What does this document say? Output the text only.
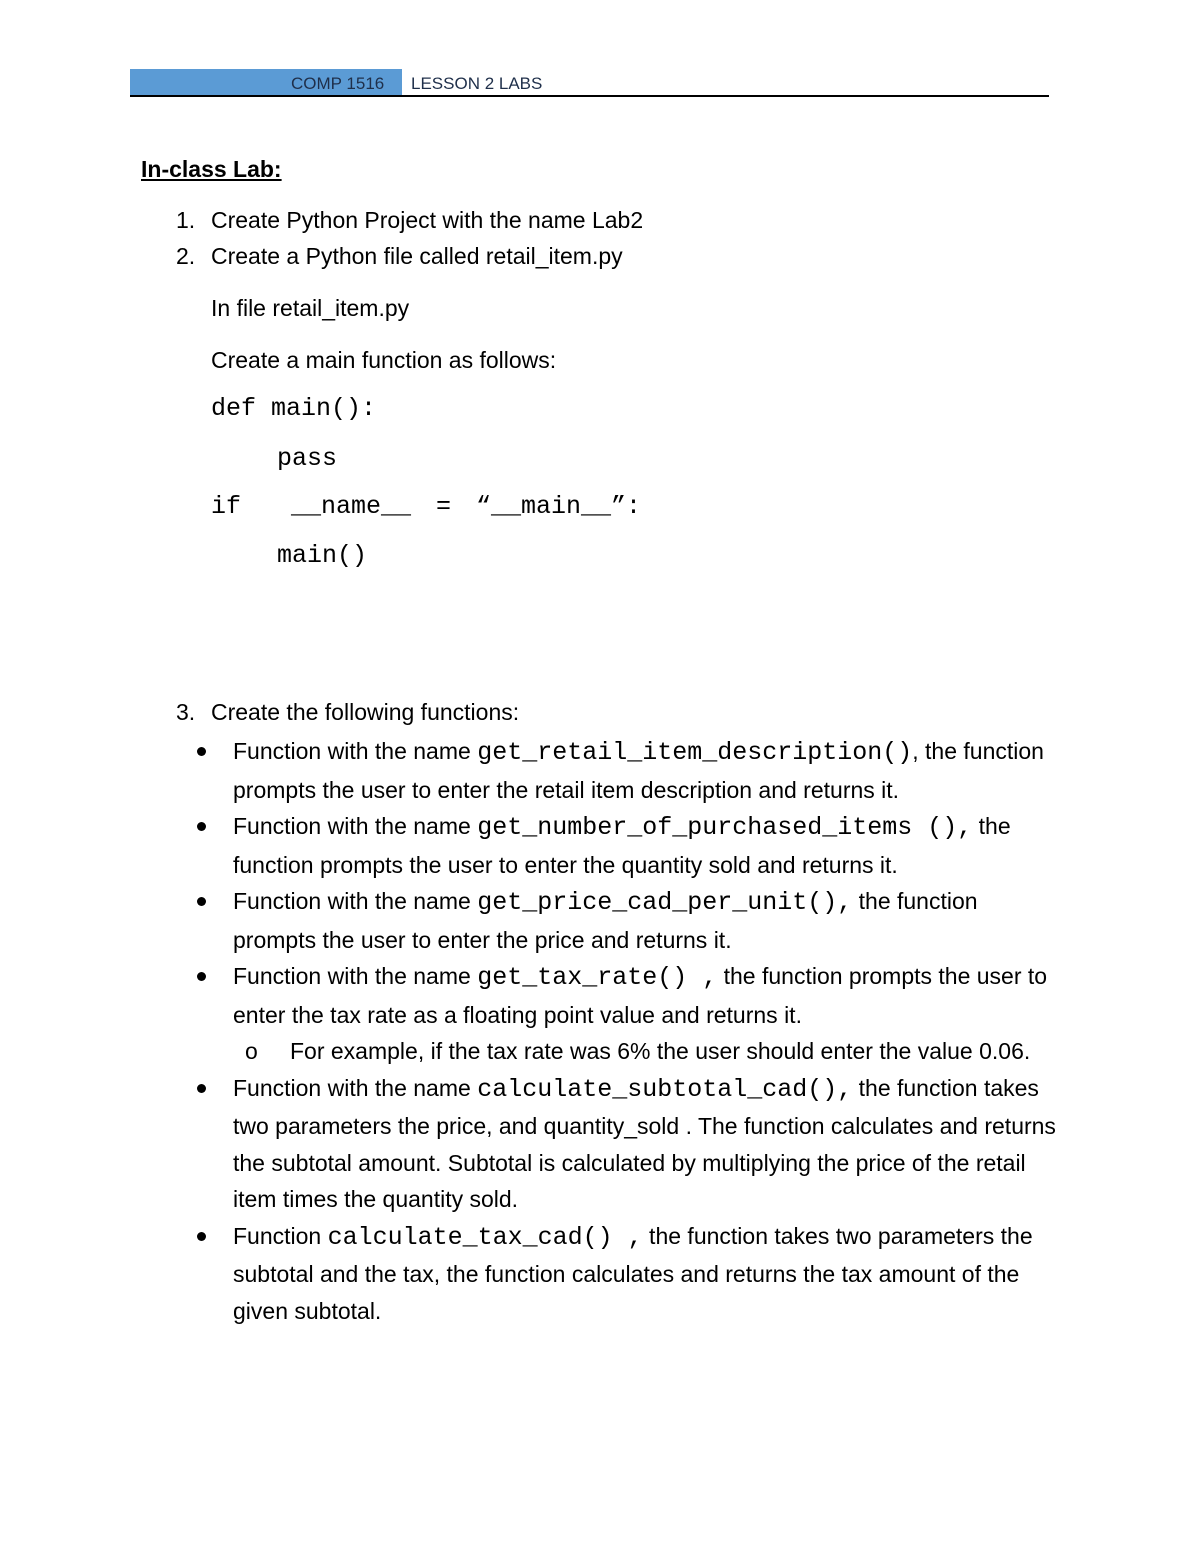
COMP 1516 LESSON 2 LABS
In-class Lab:
1. Create Python Project with the name Lab2
2. Create a Python file called retail_item.py
In file retail_item.py
Create a main function as follows:
def main():
pass
if  __name__ = “__main__”:
main()
3. Create the following functions:
Function with the name get_retail_item_description(), the function prompts the user to enter the retail item description and returns it.
Function with the name get_number_of_purchased_items (), the function prompts the user to enter the quantity sold and returns it.
Function with the name get_price_cad_per_unit(), the function prompts the user to enter the price and returns it.
Function with the name get_tax_rate() , the function prompts the user to enter the tax rate as a floating point value and returns it.
o For example, if the tax rate was 6% the user should enter the value 0.06.
Function with the name calculate_subtotal_cad(), the function takes two parameters the price, and quantity_sold . The function calculates and returns the subtotal amount. Subtotal is calculated by multiplying the price of the retail item times the quantity sold.
Function calculate_tax_cad() , the function takes two parameters the subtotal and the tax, the function calculates and returns the tax amount of the given subtotal.
